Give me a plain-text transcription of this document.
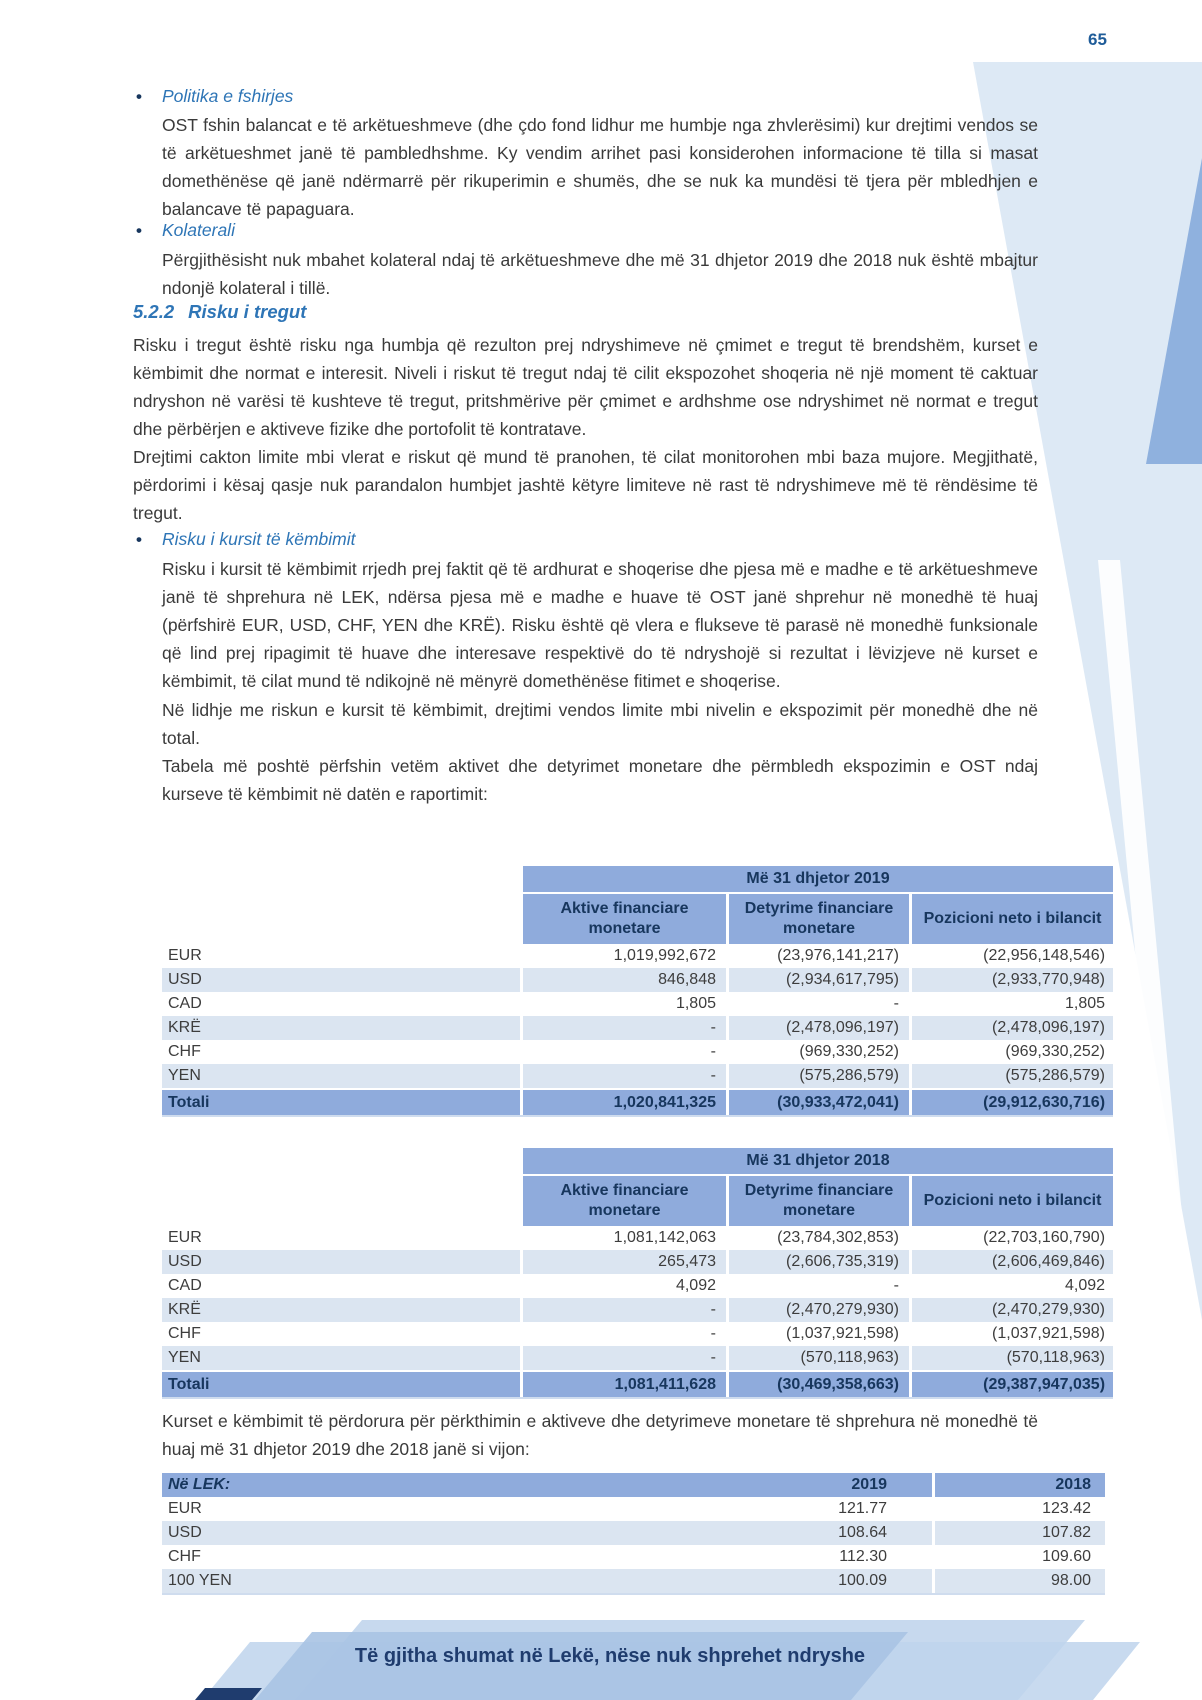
65
• Politika e fshirjes
OST fshin balancat e të arkëtueshmeve (dhe çdo fond lidhur me humbje nga zhvlerësimi) kur drejtimi vendos se të arkëtueshmet janë të pambledhshme. Ky vendim arrihet pasi konsiderohen informacione të tilla si masat domethënëse që janë ndërmarrë për rikuperimin e shumës, dhe se nuk ka mundësi të tjera për mbledhjen e balancave të papaguara.
• Kolaterali
Përgjithësisht nuk mbahet kolateral ndaj të arkëtueshmeve dhe më 31 dhjetor 2019 dhe 2018 nuk është mbajtur ndonjë kolateral i tillë.
5.2.2 Risku i tregut
Risku i tregut është risku nga humbja që rezulton prej ndryshimeve në çmimet e tregut të brendshëm, kurset e këmbimit dhe normat e interesit. Niveli i riskut të tregut ndaj të cilit ekspozohet shoqeria në një moment të caktuar ndryshon në varësi të kushteve të tregut, pritshmërive për çmimet e ardhshme ose ndryshimet në normat e tregut dhe përbërjen e aktiveve fizike dhe portofolit të kontratave.
Drejtimi cakton limite mbi vlerat e riskut që mund të pranohen, të cilat monitorohen mbi baza mujore. Megjithatë, përdorimi i kësaj qasje nuk parandalon humbjet jashtë këtyre limiteve në rast të ndryshimeve më të rëndësime të tregut.
• Risku i kursit të këmbimit
Risku i kursit të këmbimit rrjedh prej faktit që të ardhurat e shoqerise dhe pjesa më e madhe e të arkëtueshmeve janë të shprehura në LEK, ndërsa pjesa më e madhe e huave të OST janë shprehur në monedhë të huaj (përfshirë EUR, USD, CHF, YEN dhe KRË). Risku është që vlera e flukseve të parasë në monedhë funksionale që lind prej ripagimit të huave dhe interesave respektivë do të ndryshojë si rezultat i lëvizjeve në kurset e këmbimit, të cilat mund të ndikojnë në mënyrë domethënëse fitimet e shoqerise.
Në lidhje me riskun e kursit të këmbimit, drejtimi vendos limite mbi nivelin e ekspozimit për monedhë dhe në total.
Tabela më poshtë përfshin vetëm aktivet dhe detyrimet monetare dhe përmbledh ekspozimin e OST ndaj kurseve të këmbimit në datën e raportimit:
	Më 31 dhjetor 2019		
	Aktive financiare monetare	Detyrime financiare monetare	Pozicioni neto i bilancit
EUR	1,019,992,672	(23,976,141,217)	(22,956,148,546)
USD	846,848	(2,934,617,795)	(2,933,770,948)
CAD	1,805	-	1,805
KRË	-	(2,478,096,197)	(2,478,096,197)
CHF	-	(969,330,252)	(969,330,252)
YEN	-	(575,286,579)	(575,286,579)
Totali	1,020,841,325	(30,933,472,041)	(29,912,630,716)
	Më 31 dhjetor 2018		
	Aktive financiare monetare	Detyrime financiare monetare	Pozicioni neto i bilancit
EUR	1,081,142,063	(23,784,302,853)	(22,703,160,790)
USD	265,473	(2,606,735,319)	(2,606,469,846)
CAD	4,092	-	4,092
KRË	-	(2,470,279,930)	(2,470,279,930)
CHF	-	(1,037,921,598)	(1,037,921,598)
YEN	-	(570,118,963)	(570,118,963)
Totali	1,081,411,628	(30,469,358,663)	(29,387,947,035)
Kurset e këmbimit të përdorura për përkthimin e aktiveve dhe detyrimeve monetare të shprehura në monedhë të huaj më 31 dhjetor 2019 dhe 2018 janë si vijon:
Në LEK:	2019	2018
EUR	121.77	123.42
USD	108.64	107.82
CHF	112.30	109.60
100 YEN	100.09	98.00
Të gjitha shumat në Lekë, nëse nuk shprehet ndryshe
